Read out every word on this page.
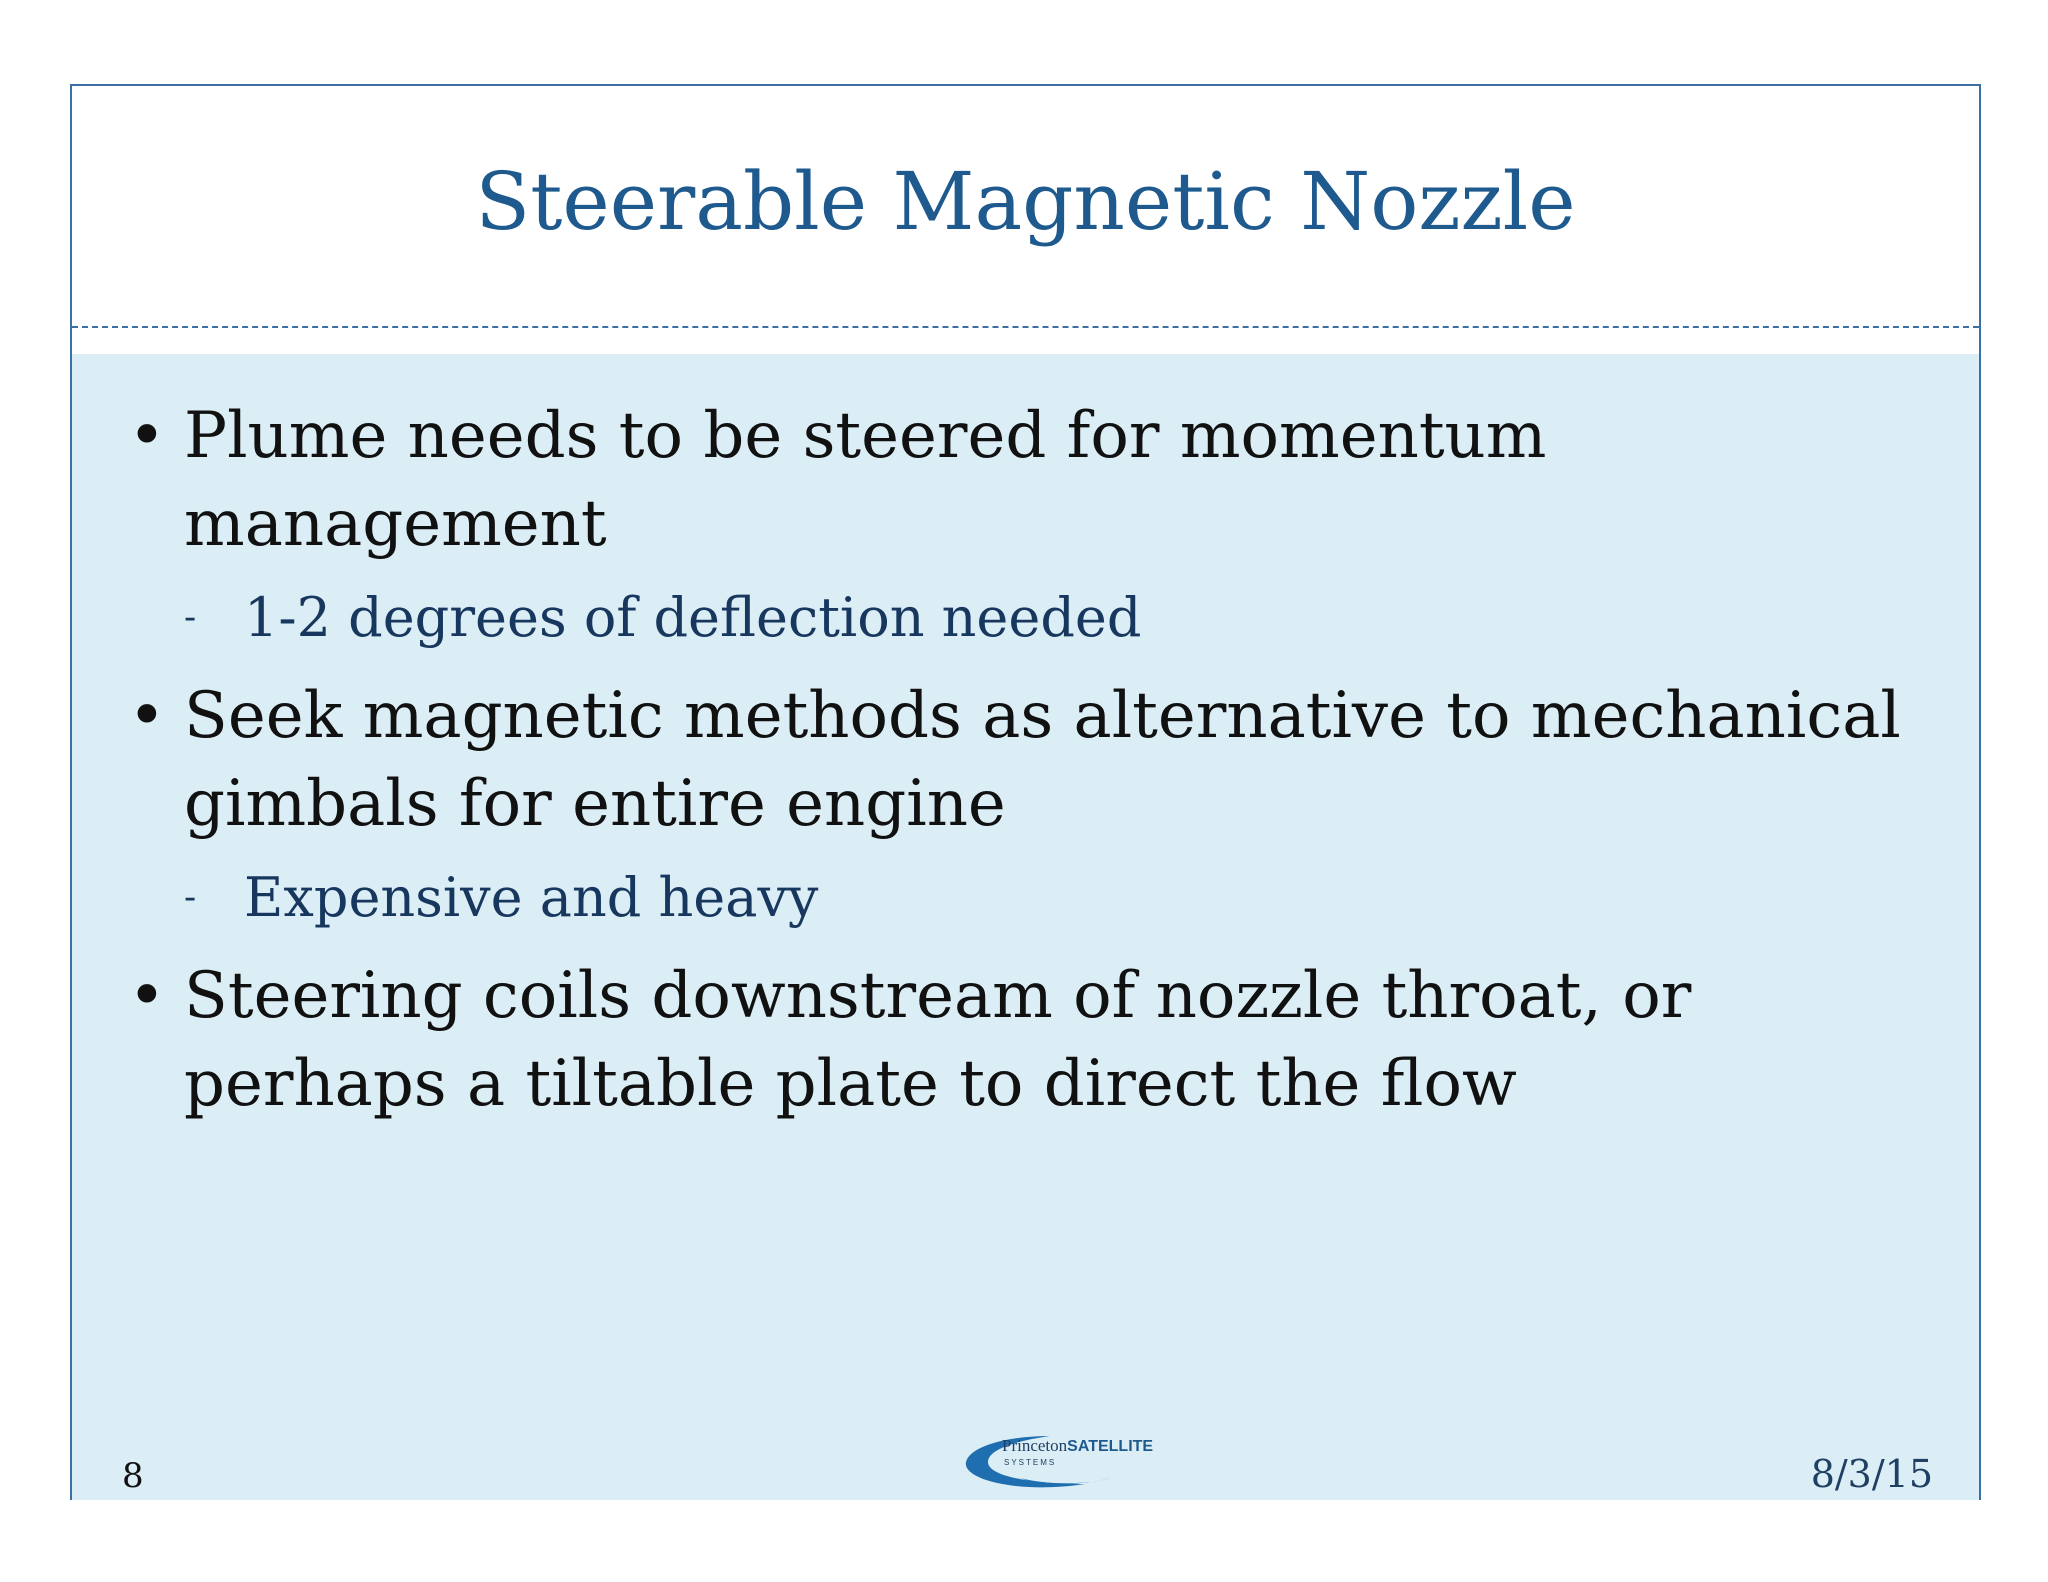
Steerable Magnetic Nozzle
• Plume needs to be steered for momentum management
- 1-2 degrees of deflection needed
• Seek magnetic methods as alternative to mechanical gimbals for entire engine
- Expensive and heavy
• Steering coils downstream of nozzle throat, or perhaps a tiltable plate to direct the flow
8
PrincetonSATELLITE
SYSTEMS	8/3/15
